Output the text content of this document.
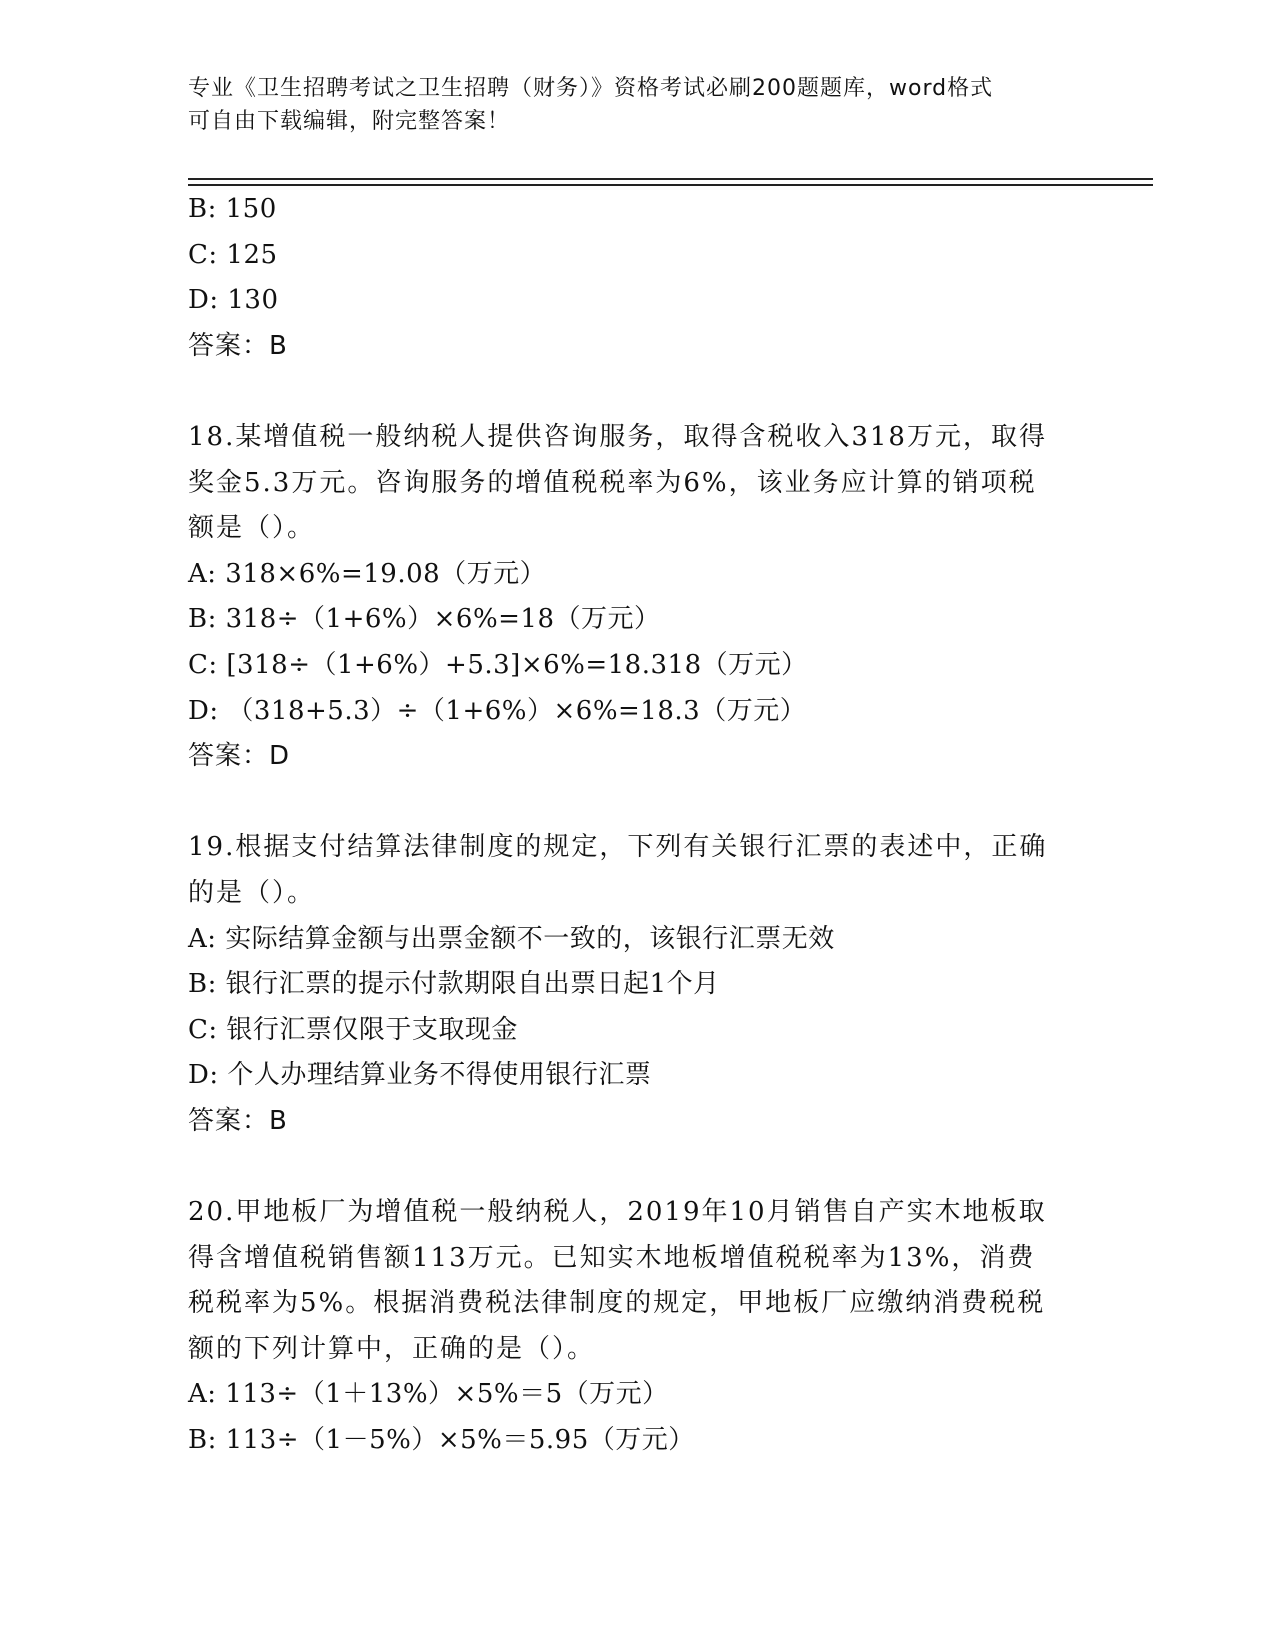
专业《卫生招聘考试之卫生招聘（财务）》资格考试必刷200题题库，word格式
可自由下载编辑，附完整答案！
B: 150
C: 125
D: 130
答案：B
18.某增值税一般纳税人提供咨询服务，取得含税收入318万元，取得
奖金5.3万元。咨询服务的增值税税率为6%，该业务应计算的销项税
额是（）。
A: 318×6%=19.08（万元）
B: 318÷（1+6%）×6%=18（万元）
C: [318÷（1+6%）+5.3]×6%=18.318（万元）
D: （318+5.3）÷（1+6%）×6%=18.3（万元）
答案：D
19.根据支付结算法律制度的规定，下列有关银行汇票的表述中，正确
的是（）。
A: 实际结算金额与出票金额不一致的，该银行汇票无效
B: 银行汇票的提示付款期限自出票日起1个月
C: 银行汇票仅限于支取现金
D: 个人办理结算业务不得使用银行汇票
答案：B
20.甲地板厂为增值税一般纳税人，2019年10月销售自产实木地板取
得含增值税销售额113万元。已知实木地板增值税税率为13%，消费
税税率为5%。根据消费税法律制度的规定，甲地板厂应缴纳消费税税
额的下列计算中，正确的是（）。
A: 113÷（1＋13%）×5%＝5（万元）
B: 113÷（1－5%）×5%＝5.95（万元）
